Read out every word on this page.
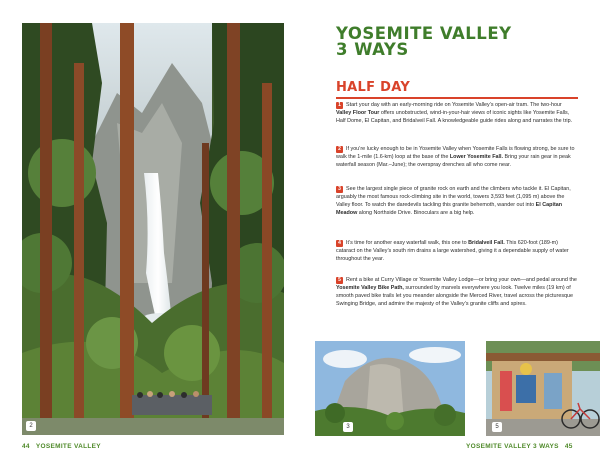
2
44 YOSEMITE VALLEY
YOSEMITE VALLEY
3 WAYS
HALF DAY

1 Start your day with an early-morning ride on Yosemite Valley’s open-air tram. The two-hour Valley Floor Tour offers unobstructed, wind-in-your-hair views of iconic sights like Yosemite Falls, Half Dome, El Capitan, and Bridalveil Fall. A knowledgeable guide rides along and narrates the trip.

2 If you’re lucky enough to be in Yosemite Valley when Yosemite Falls is flowing strong, be sure to walk the 1-mile (1.6-km) loop at the base of the Lower Yosemite Fall. Bring your rain gear in peak waterfall season (Mar.–June); the overspray drenches all who come near.

3 See the largest single piece of granite rock on earth and the climbers who tackle it. El Capitan, arguably the most famous rock-climbing site in the world, towers 3,593 feet (1,095 m) above the Valley floor. To watch the daredevils tackling this granite behemoth, wander out into El Capitan Meadow along Northside Drive. Binoculars are a big help.

4 It’s time for another easy waterfall walk, this one to Bridalveil Fall. This 620-foot (189-m) cataract on the Valley’s south rim drains a large watershed, giving it a dependable supply of water throughout the year.

5 Rent a bike at Curry Village or Yosemite Valley Lodge—or bring your own—and pedal around the Yosemite Valley Bike Path, surrounded by marvels everywhere you look. Twelve miles (19 km) of smooth paved bike trails let you meander alongside the Merced River, travel across the picturesque Swinging Bridge, and admire the majesty of the Valley’s granite cliffs and spires.

3	5
YOSEMITE VALLEY 3 WAYS 45
